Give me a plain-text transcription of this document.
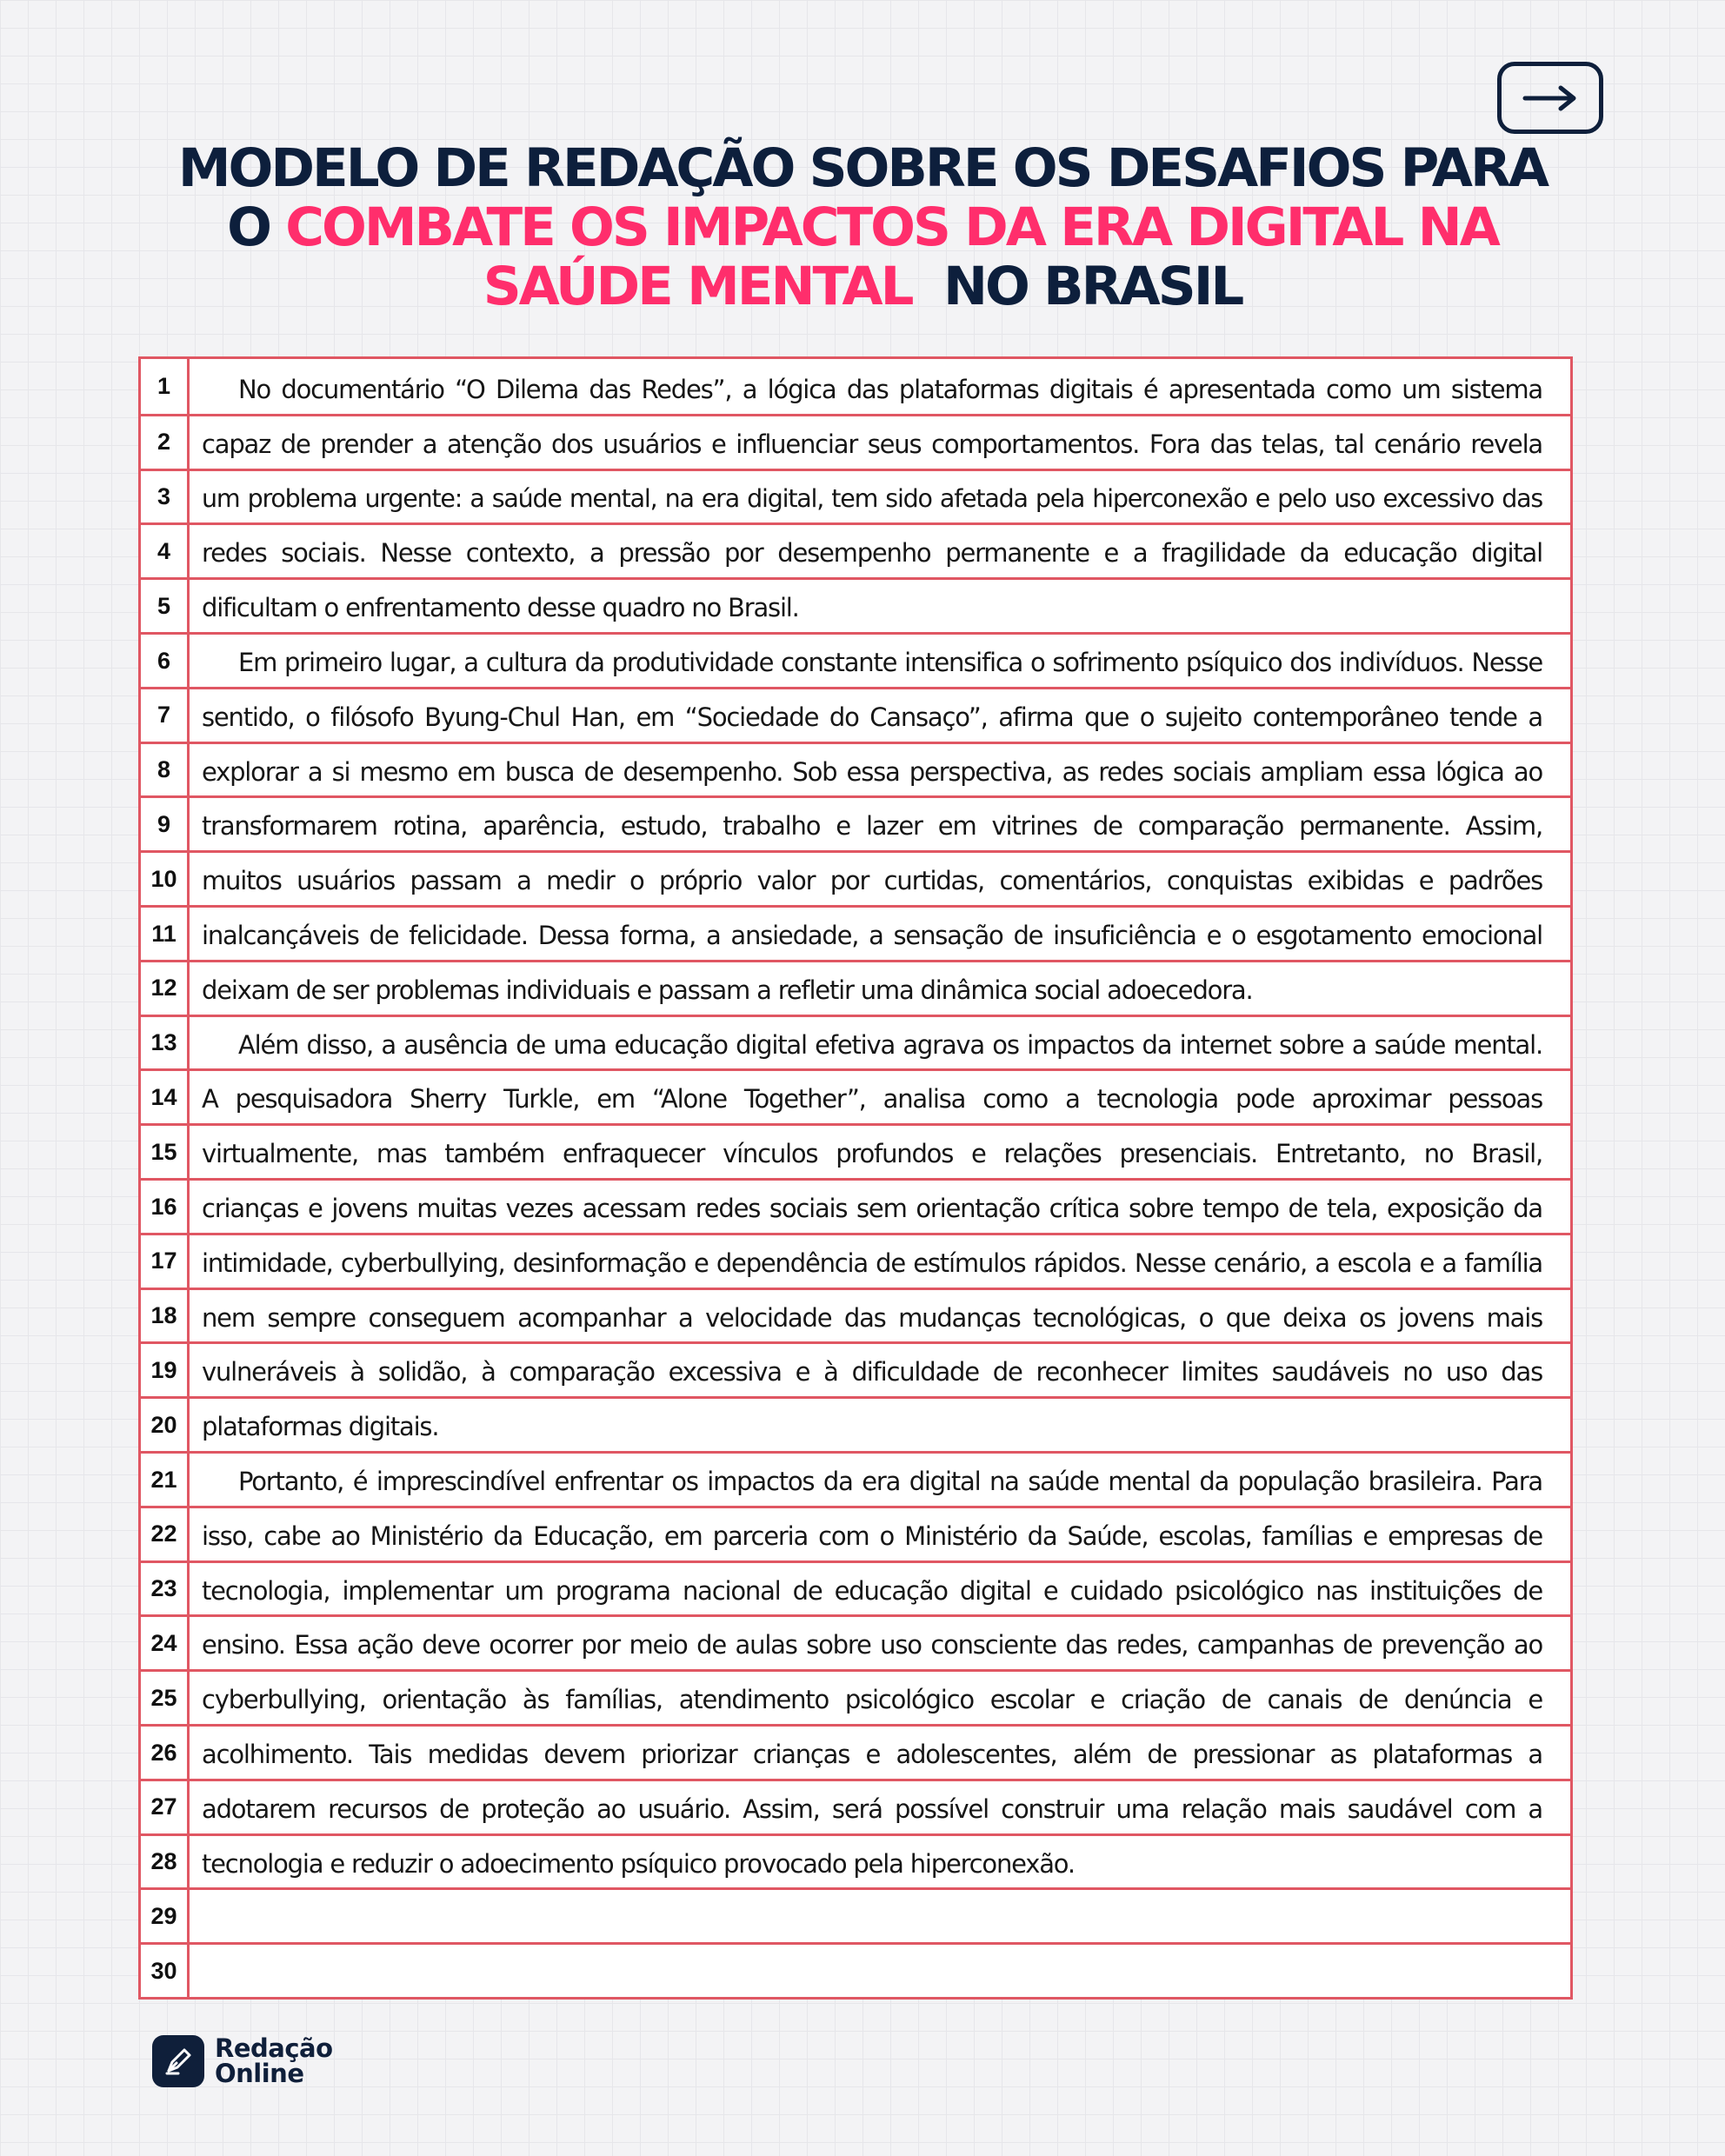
MODELO DE REDAÇÃO SOBRE OS DESAFIOS PARA
O COMBATE OS IMPACTOS DA ERA DIGITAL NA
SAÚDE MENTAL NO BRASIL
1	No documentário “O Dilema das Redes”, a lógica das plataformas digitais é apresentada como um sistema
2	capaz de prender a atenção dos usuários e influenciar seus comportamentos. Fora das telas, tal cenário revela
3	um problema urgente: a saúde mental, na era digital, tem sido afetada pela hiperconexão e pelo uso excessivo das
4	redes sociais. Nesse contexto, a pressão por desempenho permanente e a fragilidade da educação digital
5	dificultam o enfrentamento desse quadro no Brasil.
6	Em primeiro lugar, a cultura da produtividade constante intensifica o sofrimento psíquico dos indivíduos. Nesse
7	sentido, o filósofo Byung-Chul Han, em “Sociedade do Cansaço”, afirma que o sujeito contemporâneo tende a
8	explorar a si mesmo em busca de desempenho. Sob essa perspectiva, as redes sociais ampliam essa lógica ao
9	transformarem rotina, aparência, estudo, trabalho e lazer em vitrines de comparação permanente. Assim,
10 muitos usuários passam a medir o próprio valor por curtidas, comentários, conquistas exibidas e padrões
11	inalcançáveis de felicidade. Dessa forma, a ansiedade, a sensação de insuficiência e o esgotamento emocional
12 deixam de ser problemas individuais e passam a refletir uma dinâmica social adoecedora.
13	Além disso, a ausência de uma educação digital efetiva agrava os impactos da internet sobre a saúde mental.
14 A pesquisadora Sherry Turkle, em “Alone Together”, analisa como a tecnologia pode aproximar pessoas
15 virtualmente, mas também enfraquecer vínculos profundos e relações presenciais. Entretanto, no Brasil,
16 crianças e jovens muitas vezes acessam redes sociais sem orientação crítica sobre tempo de tela, exposição da
17 intimidade, cyberbullying, desinformação e dependência de estímulos rápidos. Nesse cenário, a escola e a família
18 nem sempre conseguem acompanhar a velocidade das mudanças tecnológicas, o que deixa os jovens mais
19 vulneráveis à solidão, à comparação excessiva e à dificuldade de reconhecer limites saudáveis no uso das
20 plataformas digitais.
21	Portanto, é imprescindível enfrentar os impactos da era digital na saúde mental da população brasileira. Para
22 isso, cabe ao Ministério da Educação, em parceria com o Ministério da Saúde, escolas, famílias e empresas de
23 tecnologia, implementar um programa nacional de educação digital e cuidado psicológico nas instituições de
24 ensino. Essa ação deve ocorrer por meio de aulas sobre uso consciente das redes, campanhas de prevenção ao
25 cyberbullying, orientação às famílias, atendimento psicológico escolar e criação de canais de denúncia e
26 acolhimento. Tais medidas devem priorizar crianças e adolescentes, além de pressionar as plataformas a
27 adotarem recursos de proteção ao usuário. Assim, será possível construir uma relação mais saudável com a
28 tecnologia e reduzir o adoecimento psíquico provocado pela hiperconexão.
29
30
Redação
Online
